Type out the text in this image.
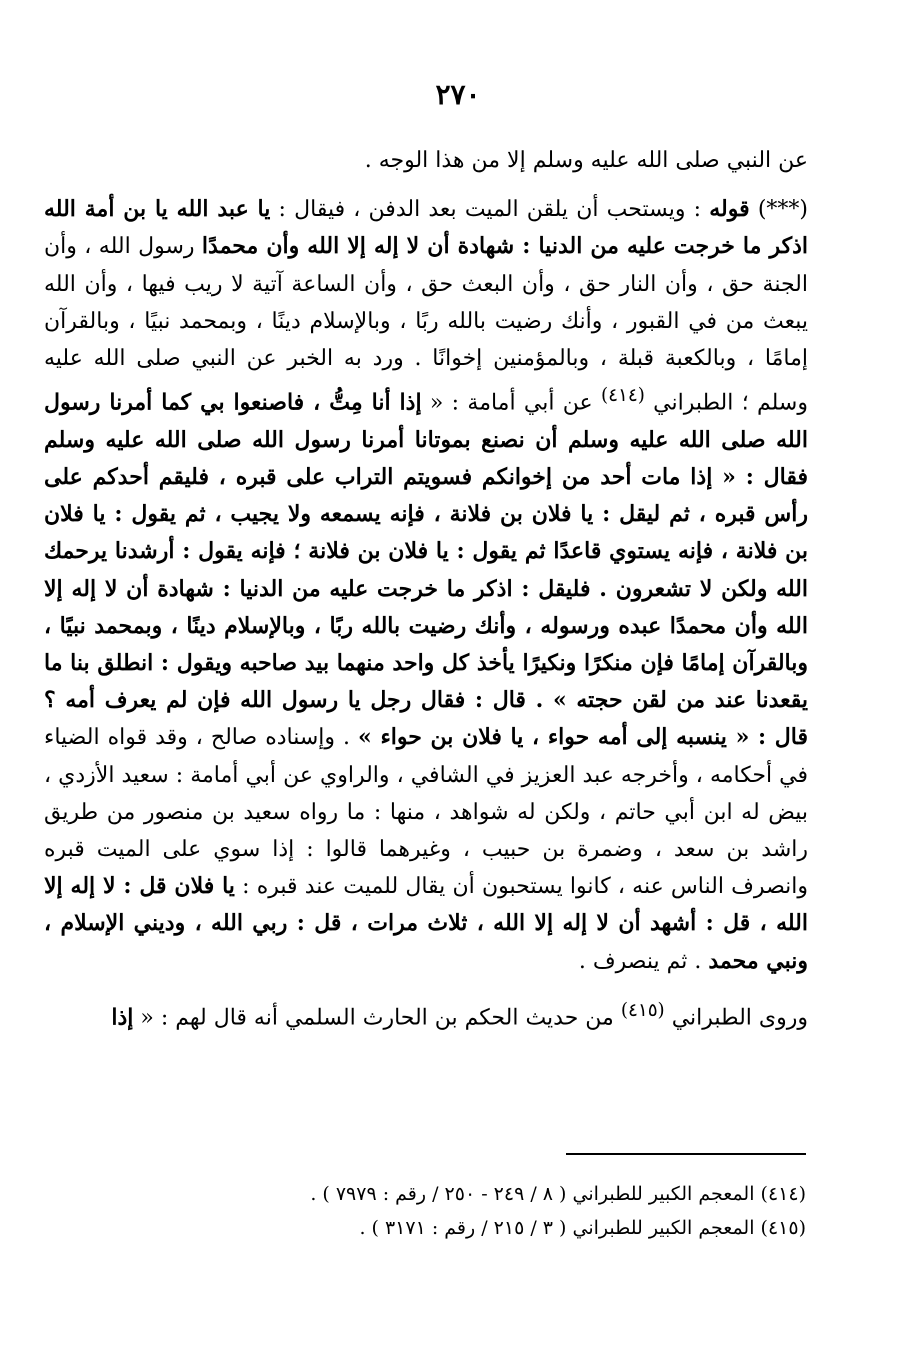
٢٧٠

عن النبي صلى الله عليه وسلم إلا من هذا الوجه .

(***) قوله : ويستحب أن يلقن الميت بعد الدفن ، فيقال : يا عبد الله يا بن أمة الله اذكر ما خرجت عليه من الدنيا : شهادة أن لا إله إلا الله وأن محمدًا رسول الله ، وأن الجنة حق ، وأن النار حق ، وأن البعث حق ، وأن الساعة آتية لا ريب فيها ، وأن الله يبعث من في القبور ، وأنك رضيت بالله ربًا ، وبالإسلام دينًا ، وبمحمد نبيًا ، وبالقرآن إمامًا ، وبالكعبة قبلة ، وبالمؤمنين إخوانًا . ورد به الخبر عن النبي صلى الله عليه وسلم ؛ الطبراني $^{(٤١٤)}$ عن أبي أمامة : « إذا أنا مِتُّ ، فاصنعوا بي كما أمرنا رسول الله صلى الله عليه وسلم أن نصنع بموتانا أمرنا رسول الله صلى الله عليه وسلم فقال : « إذا مات أحد من إخوانكم فسويتم التراب على قبره ، فليقم أحدكم على رأس قبره ، ثم ليقل : يا فلان بن فلانة ، فإنه يسمعه ولا يجيب ، ثم يقول : يا فلان بن فلانة ، فإنه يستوي قاعدًا ثم يقول : يا فلان بن فلانة ؛ فإنه يقول : أرشدنا يرحمك الله ولكن لا تشعرون . فليقل : اذكر ما خرجت عليه من الدنيا : شهادة أن لا إله إلا الله وأن محمدًا عبده ورسوله ، وأنك رضيت بالله ربًا ، وبالإسلام دينًا ، وبمحمد نبيًا ، وبالقرآن إمامًا فإن منكرًا ونكيرًا يأخذ كل واحد منهما بيد صاحبه ويقول : انطلق بنا ما يقعدنا عند من لقن حجته » . قال : فقال رجل يا رسول الله فإن لم يعرف أمه ؟ قال : « ينسبه إلى أمه حواء ، يا فلان بن حواء » . وإسناده صالح ، وقد قواه الضياء في أحكامه ، وأخرجه عبد العزيز في الشافي ، والراوي عن أبي أمامة : سعيد الأزدي ، بيض له ابن أبي حاتم ، ولكن له شواهد ، منها : ما رواه سعيد بن منصور من طريق راشد بن سعد ، وضمرة بن حبيب ، وغيرهما قالوا : إذا سوي على الميت قبره وانصرف الناس عنه ، كانوا يستحبون أن يقال للميت عند قبره : يا فلان قل : لا إله إلا الله ، قل : أشهد أن لا إله إلا الله ، ثلاث مرات ، قل : ربي الله ، وديني الإسلام ، ونبي محمد . ثم ينصرف .

وروى الطبراني $^{(٤١٥)}$ من حديث الحكم بن الحارث السلمي أنه قال لهم : « إذا

(٤١٤) المعجم الكبير للطبراني ( ٨ / ٢٤٩ - ٢٥٠ / رقم : ٧٩٧٩ ) .

(٤١٥) المعجم الكبير للطبراني ( ٣ / ٢١٥ / رقم : ٣١٧١ ) .
